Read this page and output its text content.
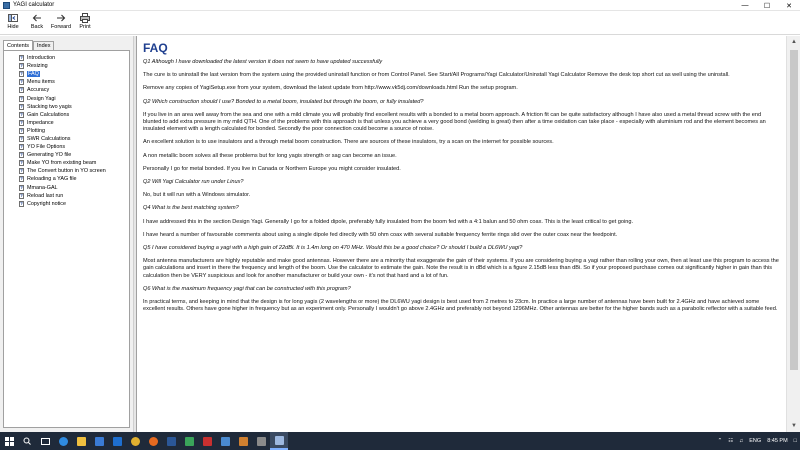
YAGI calculator	—	☐	✕
Hide Back Forward Print
Contents	Index
? Introduction
? Resizing
? FAQ
? Menu items
? Accuracy
? Design Yagi
? Stacking two yagis
? Gain Calculations
? Impedance
? Plotting
? SWR Calculations
? YO File Options
? Generating YO file
? Make YO from existing beam
? The Convert button in YO screen
? Reloading a YAG file
? Mmana-GAL
? Reload last run
? Copyright notice
FAQ
Q1 Although I have downloaded the latest version it does not seem to have updated successfully
The cure is to uninstall the last version from the system using the provided uninstall function or from Control Panel. See Start/All Programs/Yagi Calculator/Uninstall Yagi Calculator Remove the desk top short cut as well using the uninstall.
Remove any copies of YagiSetup.exe from your system, download the latest update from http://www.vk5dj.com/downloads.html Run the setup program.
Q2 Which construction should I use? Bonded to a metal boom, insulated but through the boom, or fully insulated?
If you live in an area well away from the sea and one with a mild climate you will probably find excellent results with a bonded to a metal boom approach. A friction fit can be quite satisfactory although I have also used a metal thread screw with the end blunted to add extra pressure in my mild QTH. One of the problems with this approach is that unless you achieve a very good bond (welding is great) then after a time oxidation can take place - especially with aluminium rod and the element becomes an insulated element with a length calculated for bonded. Secondly the poor connection could become a source of noise.
An excellent solution is to use insulators and a through metal boom construction. There are sources of these insulators, try a scan on the internet for possible sources.
A non metallic boom solves all these problems but for long yagis strength or sag can become an issue.
Personally I go for metal bonded. If you live in Canada or Northern Europe you might consider insulated.
Q2 Will Yagi Calculator run under Linux?
No, but it will run with a Windows simulator.
Q4 What is the best matching system?
I have addressed this in the section Design Yagi. Generally I go for a folded dipole, preferably fully insulated from the boom fed with a 4:1 balun and 50 ohm coax. This is the least critical to get going.
I have heard a number of favourable comments about using a single dipole fed directly with 50 ohm coax with several suitable frequency ferrite rings slid over the outer coax near the feedpoint.
Q5 I have considered buying a yagi with a high gain of 22dBi. It is 1.4m long on 470 MHz. Would this be a good choice? Or should I build a DL6WU yagi?
Most antenna manufacturers are highly reputable and make good antennas. However there are a minority that exaggerate the gain of their systems. If you are considering buying a yagi rather than rolling your own, then at least use this program to access the gain calculations and insert in there the frequency and length of the boom. Use the calculator to estimate the gain. Note the result is in dBd which is a figure 2.15dB less than dBi. So if your proposed purchase comes out significantly higher in gain than this calculation then be VERY suspicious and look for another manufacturer or build your own - it's not that hard and a lot of fun.
Q6 What is the maximum frequency yagi that can be constructed with this program?
In practical terms, and keeping in mind that the design is for long yagis (2 wavelengths or more) the DL6WU yagi design is best used from 2 metres to 23cm. In practice a large number of antennas have been built for 2.4GHz and have achieved some excellent results. Others have gone higher in frequency but as an experiment only. Personally I wouldn't go above 2.4GHz and preferably not beyond 1296MHz. Other antennas are better for the higher bands such as a parabolic reflector with a suitable feed.
▲
▼
⌃ ☷ ♫ ENG 8:45 PM □
